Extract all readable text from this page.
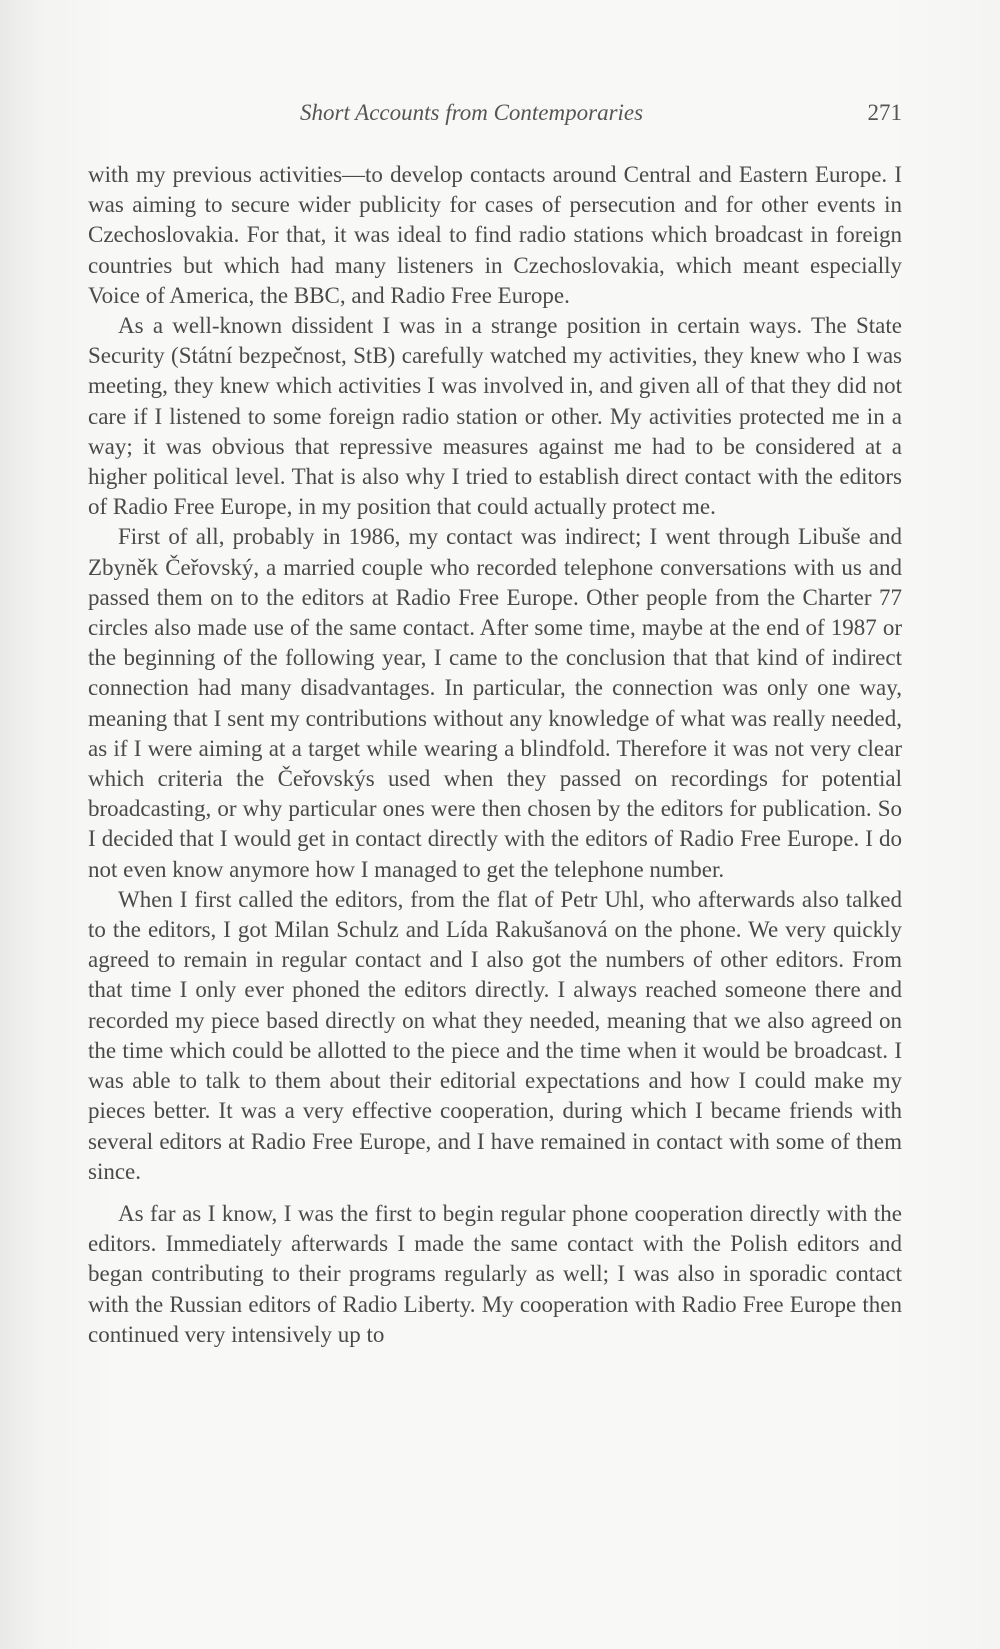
Short Accounts from Contemporaries	271

with my previous activities—to develop contacts around Central and Eastern Europe. I was aiming to secure wider publicity for cases of persecution and for other events in Czechoslovakia. For that, it was ideal to find radio stations which broadcast in foreign countries but which had many listeners in Czechoslovakia, which meant especially Voice of America, the BBC, and Radio Free Europe.

As a well-known dissident I was in a strange position in certain ways. The State Security (Státní bezpečnost, StB) carefully watched my activities, they knew who I was meeting, they knew which activities I was involved in, and given all of that they did not care if I listened to some foreign radio station or other. My activities protected me in a way; it was obvious that repressive measures against me had to be considered at a higher political level. That is also why I tried to establish direct contact with the editors of Radio Free Europe, in my position that could actually protect me.

First of all, probably in 1986, my contact was indirect; I went through Libuše and Zbyněk Čeřovský, a married couple who recorded telephone conversations with us and passed them on to the editors at Radio Free Europe. Other people from the Charter 77 circles also made use of the same contact. After some time, maybe at the end of 1987 or the beginning of the following year, I came to the conclusion that that kind of indirect connection had many disadvantages. In particular, the connection was only one way, meaning that I sent my contributions without any knowledge of what was really needed, as if I were aiming at a target while wearing a blindfold. Therefore it was not very clear which criteria the Čeřovskýs used when they passed on recordings for potential broadcasting, or why particular ones were then chosen by the editors for publication. So I decided that I would get in contact directly with the editors of Radio Free Europe. I do not even know anymore how I managed to get the telephone number.

When I first called the editors, from the flat of Petr Uhl, who afterwards also talked to the editors, I got Milan Schulz and Lída Rakušanová on the phone. We very quickly agreed to remain in regular contact and I also got the numbers of other editors. From that time I only ever phoned the editors directly. I always reached someone there and recorded my piece based directly on what they needed, meaning that we also agreed on the time which could be allotted to the piece and the time when it would be broadcast. I was able to talk to them about their editorial expectations and how I could make my pieces better. It was a very effective cooperation, during which I became friends with several editors at Radio Free Europe, and I have remained in contact with some of them since.

As far as I know, I was the first to begin regular phone cooperation directly with the editors. Immediately afterwards I made the same contact with the Polish editors and began contributing to their programs regularly as well; I was also in sporadic contact with the Russian editors of Radio Liberty. My cooperation with Radio Free Europe then continued very intensively up to
